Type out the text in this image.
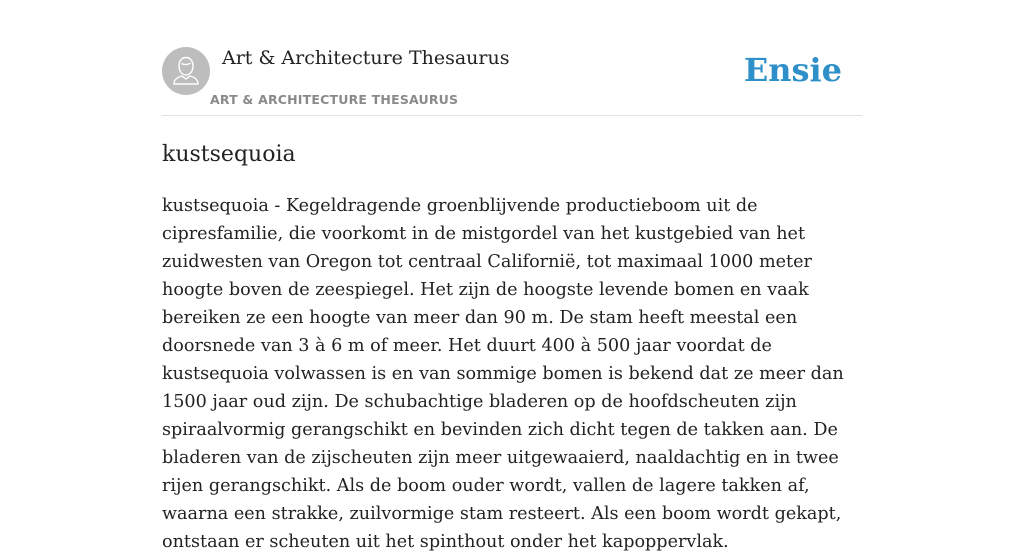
Art & Architecture Thesaurus
ART & ARCHITECTURE THESAURUS
Ensie
kustsequoia

kustsequoia - Kegeldragende groenblijvende productieboom uit de cipresfamilie, die voorkomt in de mistgordel van het kustgebied van het zuidwesten van Oregon tot centraal Californië, tot maximaal 1000 meter hoogte boven de zeespiegel. Het zijn de hoogste levende bomen en vaak bereiken ze een hoogte van meer dan 90 m. De stam heeft meestal een doorsnede van 3 à 6 m of meer. Het duurt 400 à 500 jaar voordat de kustsequoia volwassen is en van sommige bomen is bekend dat ze meer dan 1500 jaar oud zijn. De schubachtige bladeren op de hoofdscheuten zijn spiraalvormig gerangschikt en bevinden zich dicht tegen de takken aan. De bladeren van de zijscheuten zijn meer uitgewaaierd, naaldachtig en in twee rijen gerangschikt. Als de boom ouder wordt, vallen de lagere takken af, waarna een strakke, zuilvormige stam resteert. Als een boom wordt gekapt, ontstaan er scheuten uit het spinthout onder het kapoppervlak.
